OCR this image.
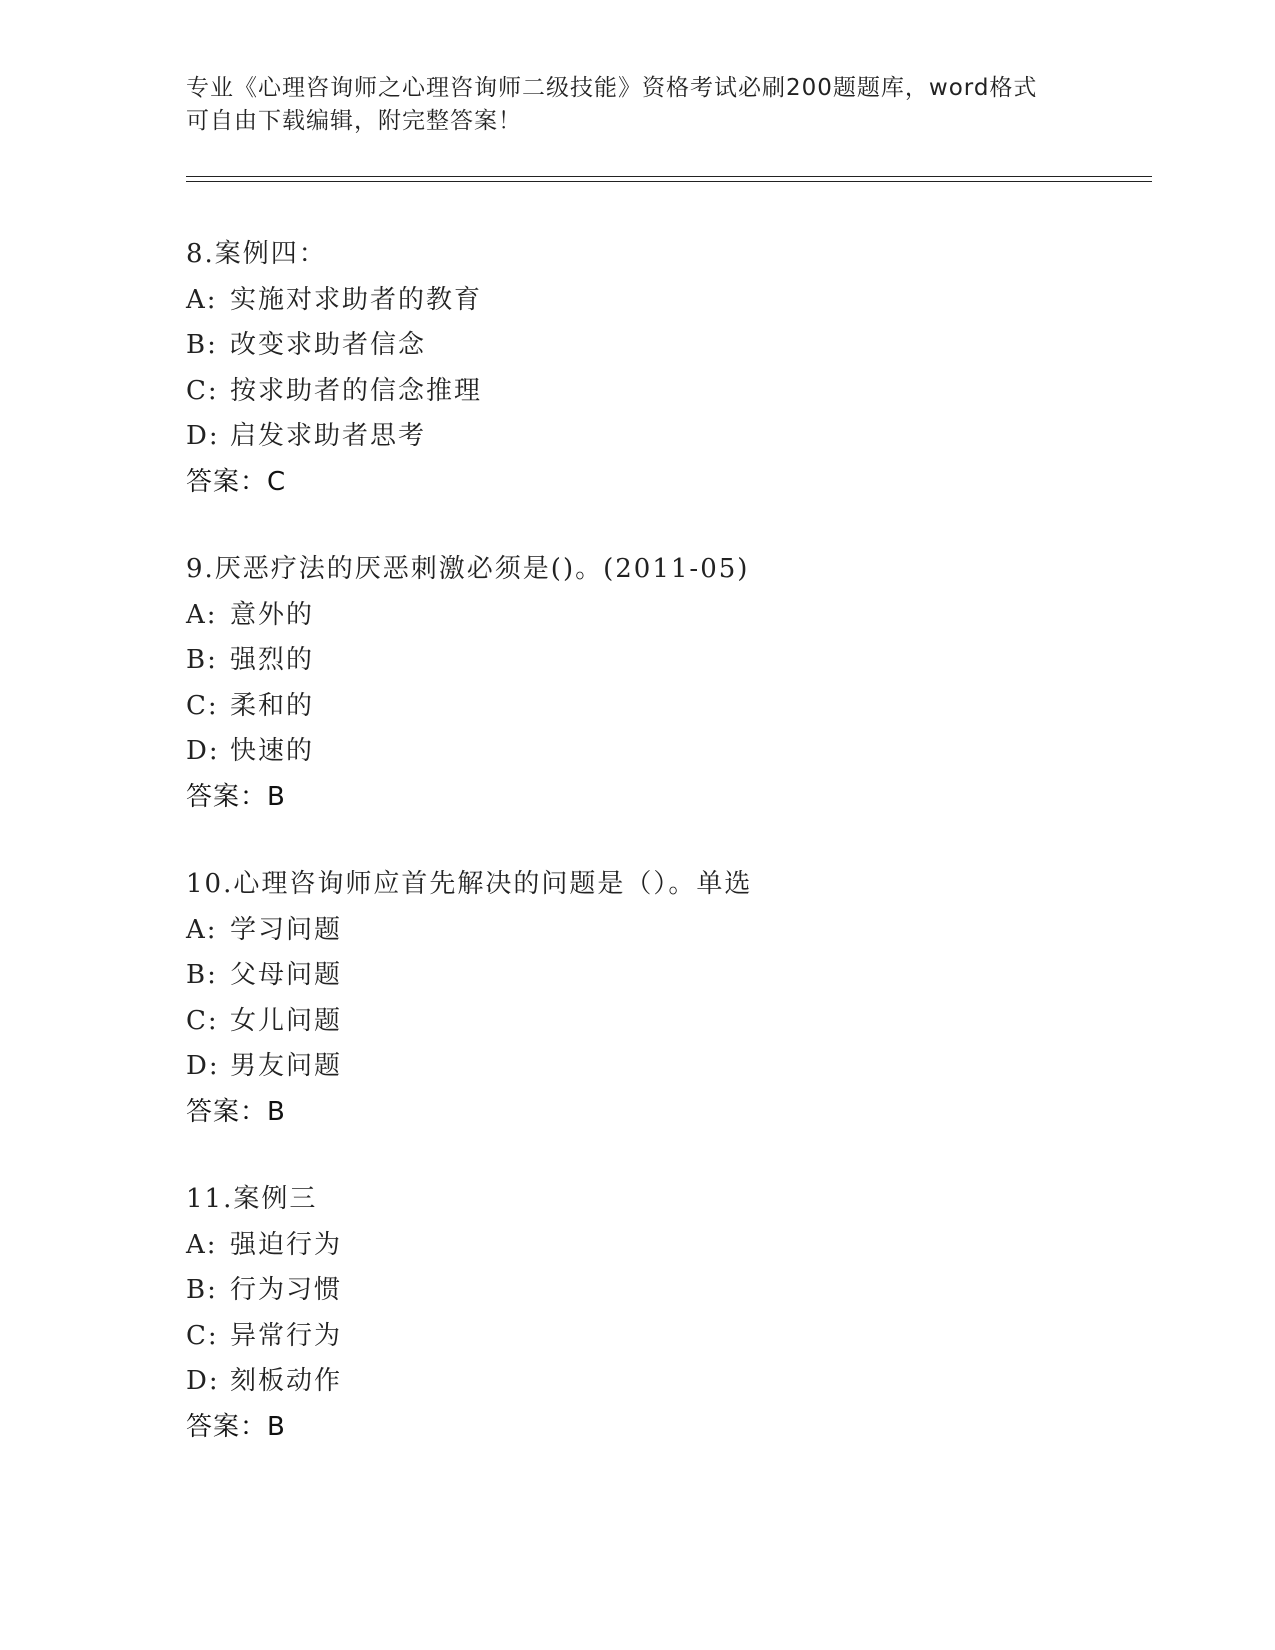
专业《心理咨询师之心理咨询师二级技能》资格考试必刷200题题库，word格式
可自由下载编辑，附完整答案！
8.案例四：
A: 实施对求助者的教育
B: 改变求助者信念
C: 按求助者的信念推理
D: 启发求助者思考
答案：C
9.厌恶疗法的厌恶刺激必须是()。(2011-05)
A: 意外的
B: 强烈的
C: 柔和的
D: 快速的
答案：B
10.心理咨询师应首先解决的问题是（）。单选
A: 学习问题
B: 父母问题
C: 女儿问题
D: 男友问题
答案：B
11.案例三
A: 强迫行为
B: 行为习惯
C: 异常行为
D: 刻板动作
答案：B
